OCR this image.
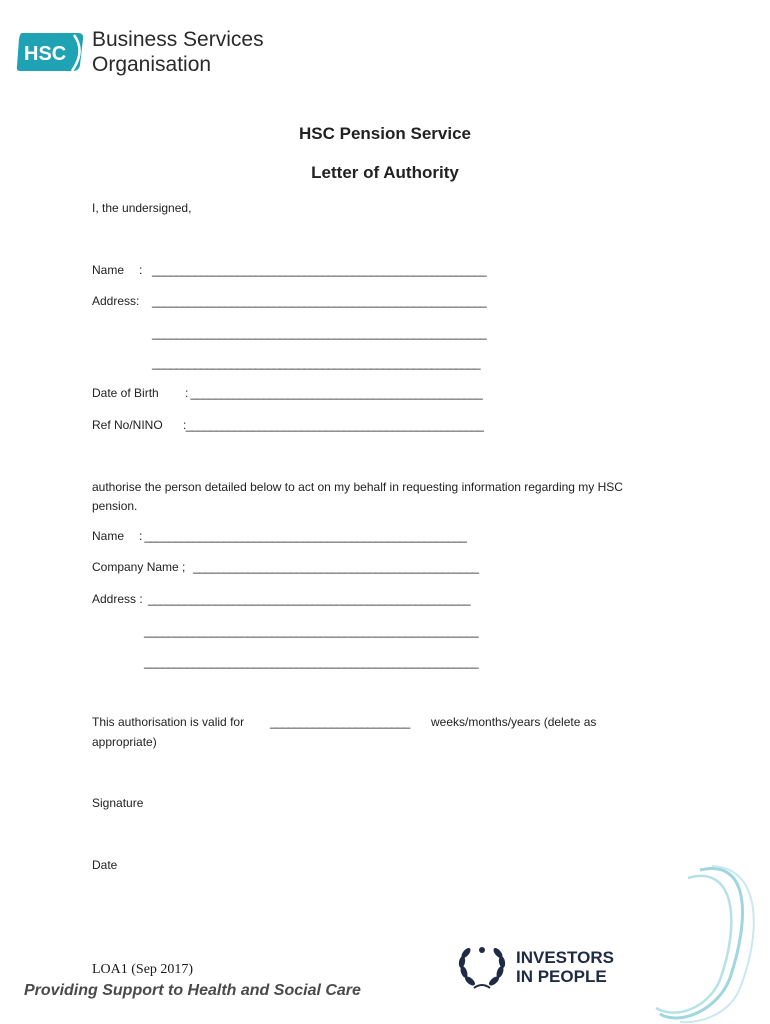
HSC
Business Services
Organisation
HSC Pension Service
Letter of Authority
I, the undersigned,
Name : _______________________________________________________
Address: _______________________________________________________
_______________________________________________________
______________________________________________________
Date of Birth : ________________________________________________
Ref No/NINO :_________________________________________________
authorise the person detailed below to act on my behalf in requesting information regarding my HSC
pension.
Name : _____________________________________________________
Company Name ; _______________________________________________
Address : _____________________________________________________
_______________________________________________________
_______________________________________________________
This authorisation is valid for _______________________ weeks/months/years (delete as
appropriate)
Signature
Date
INVESTORS
IN PEOPLE
LOA1 (Sep 2017)
Providing Support to Health and Social Care
